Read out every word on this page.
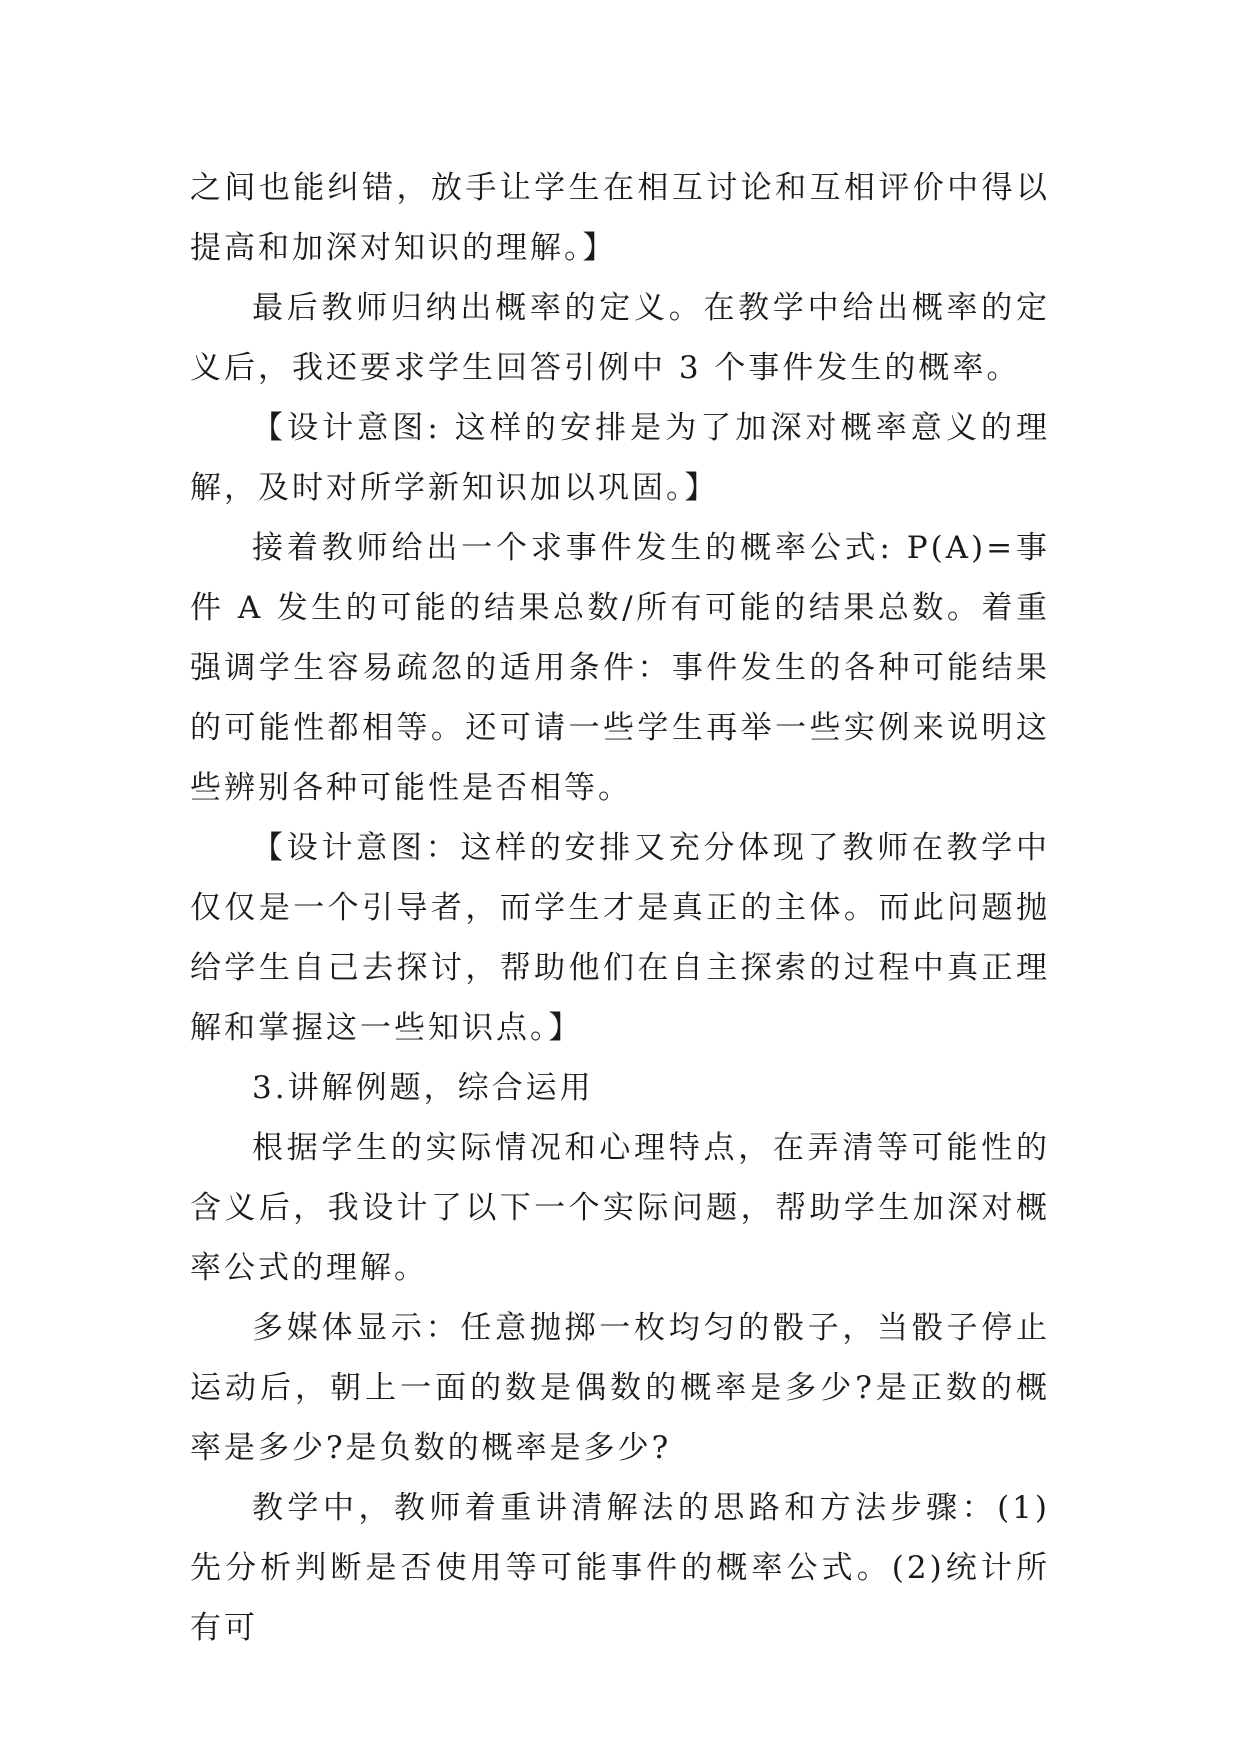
之间也能纠错，放手让学生在相互讨论和互相评价中得以提高和加深对知识的理解。】

最后教师归纳出概率的定义。在教学中给出概率的定义后，我还要求学生回答引例中 3 个事件发生的概率。

【设计意图: 这样的安排是为了加深对概率意义的理解，及时对所学新知识加以巩固。】

接着教师给出一个求事件发生的概率公式: P(A)=事件 A 发生的可能的结果总数/所有可能的结果总数。着重强调学生容易疏忽的适用条件：事件发生的各种可能结果的可能性都相等。还可请一些学生再举一些实例来说明这些辨别各种可能性是否相等。

【设计意图：这样的安排又充分体现了教师在教学中仅仅是一个引导者，而学生才是真正的主体。而此问题抛给学生自己去探讨，帮助他们在自主探索的过程中真正理解和掌握这一些知识点。】

3.讲解例题，综合运用

根据学生的实际情况和心理特点，在弄清等可能性的含义后，我设计了以下一个实际问题，帮助学生加深对概率公式的理解。

多媒体显示：任意抛掷一枚均匀的骰子，当骰子停止运动后，朝上一面的数是偶数的概率是多少?是正数的概率是多少?是负数的概率是多少?

教学中，教师着重讲清解法的思路和方法步骤：(1)先分析判断是否使用等可能事件的概率公式。(2)统计所有可
